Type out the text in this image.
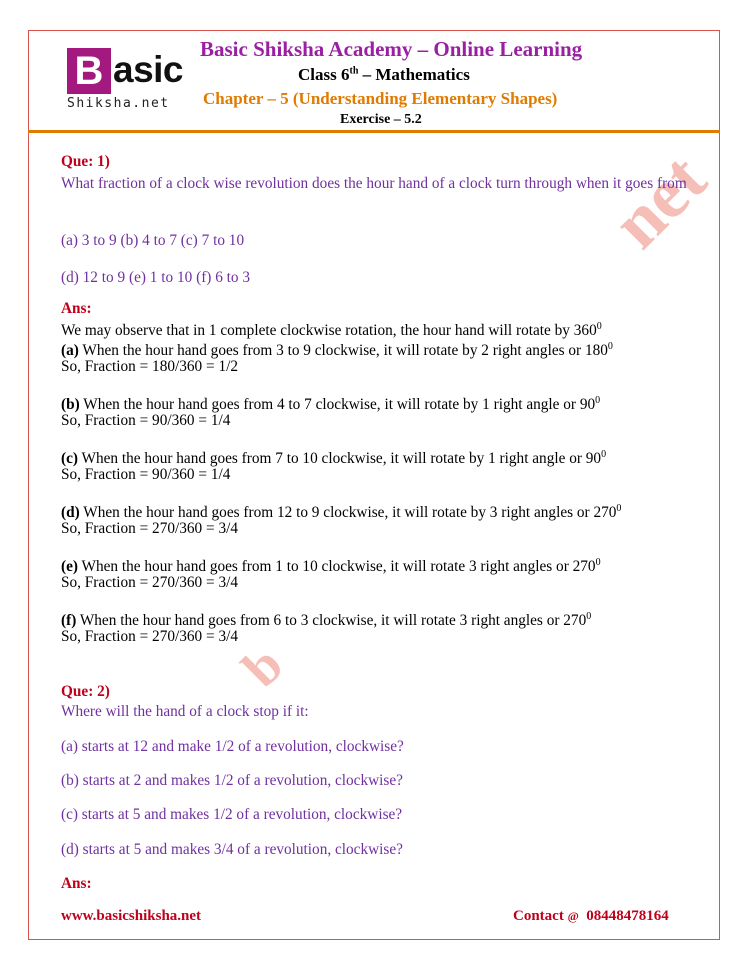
B asic
Shiksha.net
Basic Shiksha Academy – Online Learning
Class 6th – Mathematics
Chapter – 5 (Understanding Elementary Shapes)
Exercise – 5.2
net
b
Que: 1)
What fraction of a clock wise revolution does the hour hand of a clock turn through when it goes from
(a) 3 to 9 (b) 4 to 7 (c) 7 to 10
(d) 12 to 9 (e) 1 to 10 (f) 6 to 3
Ans:
We may observe that in 1 complete clockwise rotation, the hour hand will rotate by $360^0$
(a) When the hour hand goes from 3 to 9 clockwise, it will rotate by 2 right angles or $180^0$
So, Fraction = 180/360 = 1/2
(b) When the hour hand goes from 4 to 7 clockwise, it will rotate by 1 right angle or $90^0$
So, Fraction = 90/360 = 1/4
(c) When the hour hand goes from 7 to 10 clockwise, it will rotate by 1 right angle or $90^0$
So, Fraction = 90/360 = 1/4
(d) When the hour hand goes from 12 to 9 clockwise, it will rotate by 3 right angles or $270^0$
So, Fraction = 270/360 = 3/4
(e) When the hour hand goes from 1 to 10 clockwise, it will rotate 3 right angles or $270^0$
So, Fraction = 270/360 = 3/4
(f) When the hour hand goes from 6 to 3 clockwise, it will rotate 3 right angles or $270^0$
So, Fraction = 270/360 = 3/4
Que: 2)
Where will the hand of a clock stop if it:
(a) starts at 12 and make 1/2 of a revolution, clockwise?
(b) starts at 2 and makes 1/2 of a revolution, clockwise?
(c) starts at 5 and makes 1/2 of a revolution, clockwise?
(d) starts at 5 and makes 3/4 of a revolution, clockwise?
Ans:
www.basicshiksha.net	Contact @ 08448478164
